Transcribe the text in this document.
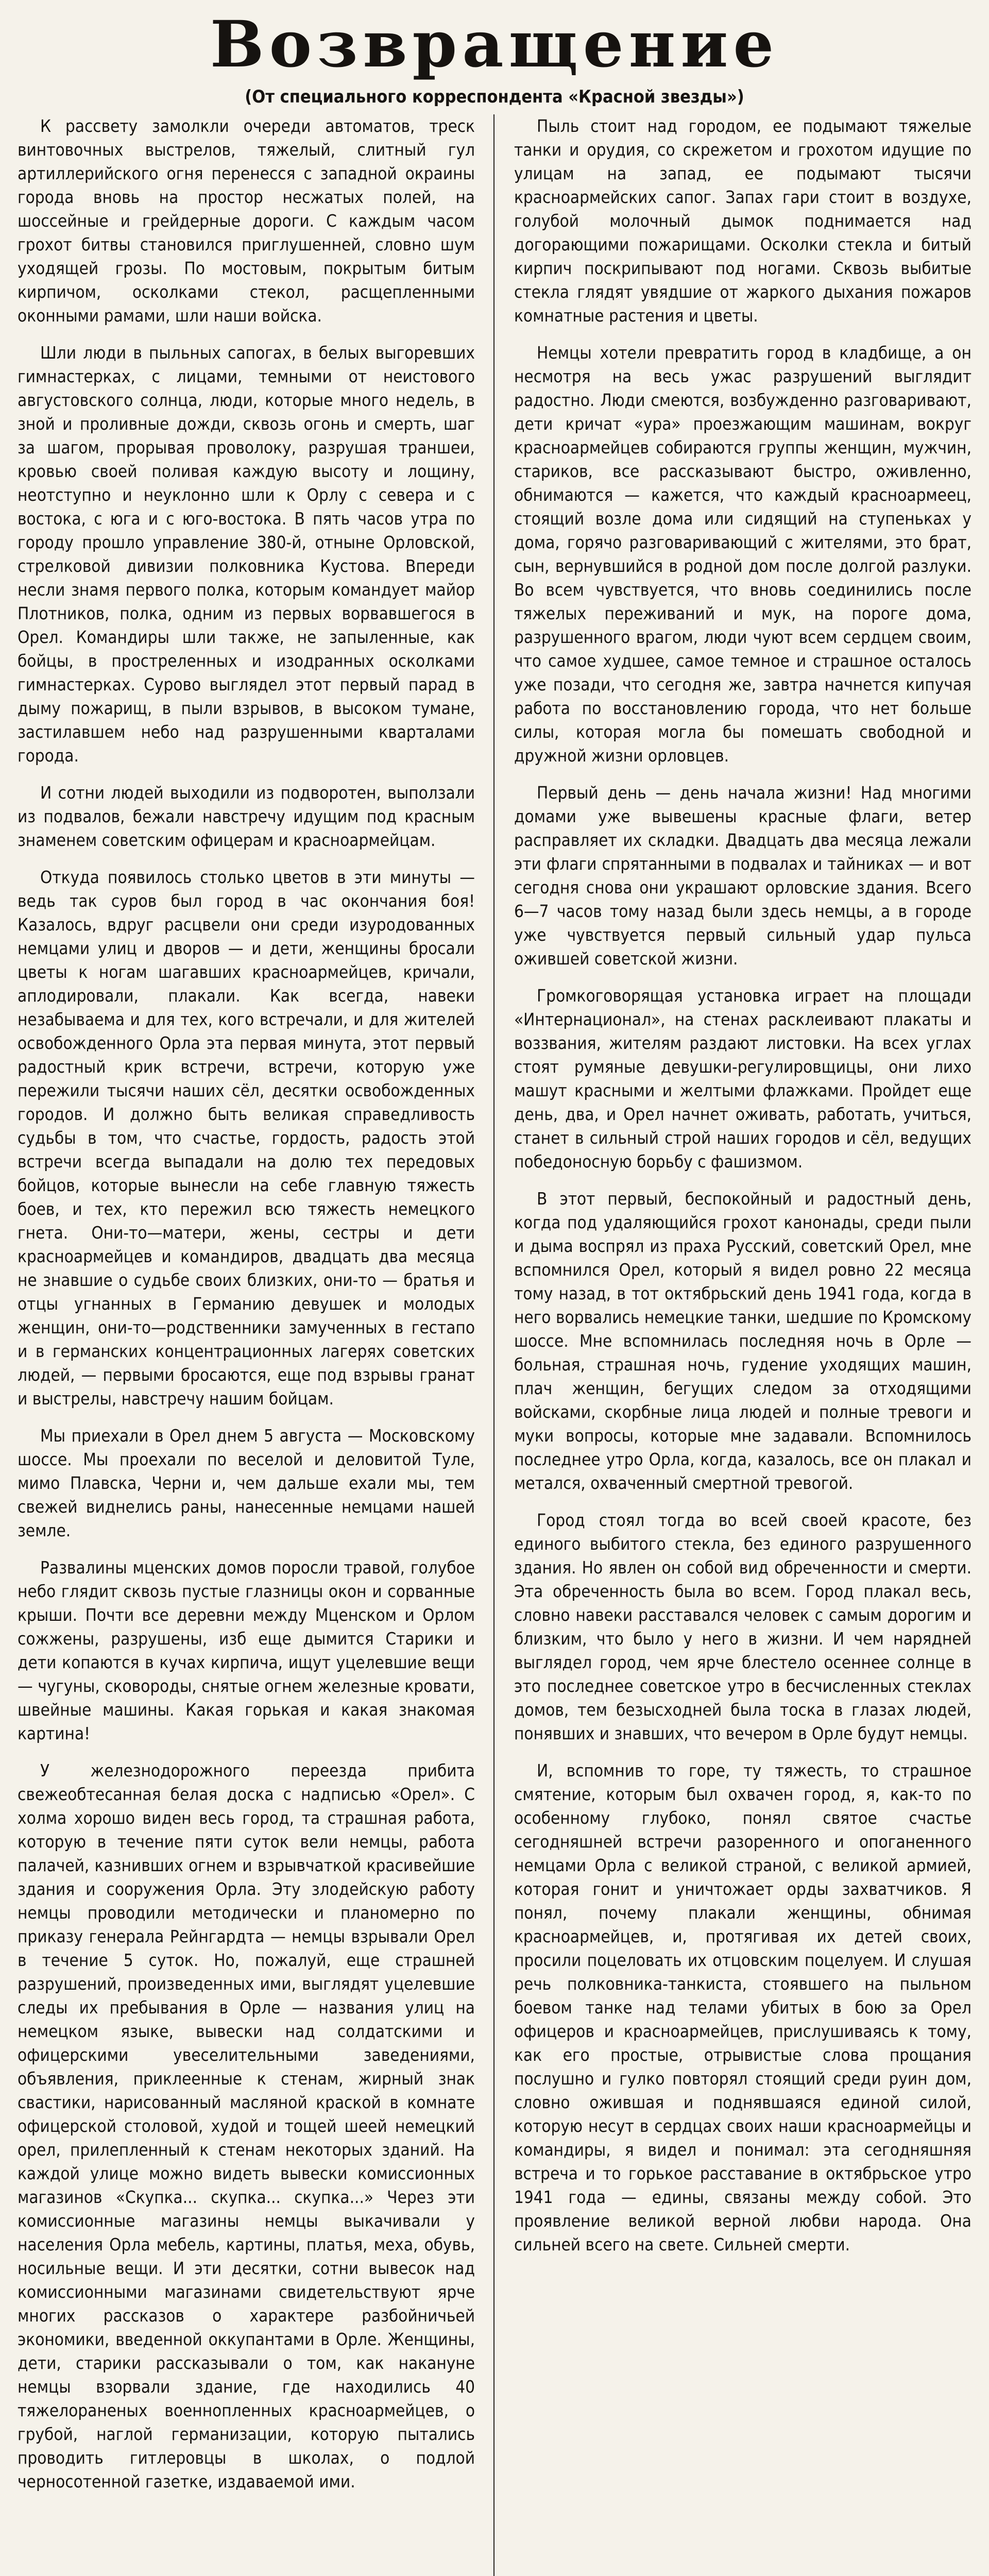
Возвращение
(От специального корреспондента «Красной звезды»)

К рассвету замолкли очереди автоматов, треск винтовочных выстрелов, тяжелый, слитный гул артиллерийского огня перенесся с западной окраины города вновь на простор несжатых полей, на шоссейные и грейдерные дороги. С каждым часом грохот битвы становился приглушенней, словно шум уходящей грозы. По мостовым, покрытым битым кирпичом, осколками стекол, расщепленными оконными рамами, шли наши войска.

Шли люди в пыльных сапогах, в белых выгоревших гимнастерках, с лицами, темными от неистового августовского солнца, люди, которые много недель, в зной и проливные дожди, сквозь огонь и смерть, шаг за шагом, прорывая проволоку, разрушая траншеи, кровью своей поливая каждую высоту и лощину, неотступно и неуклонно шли к Орлу с севера и с востока, с юга и с юго-востока. В пять часов утра по городу прошло управление 380-й, отныне Орловской, стрелковой дивизии полковника Кустова. Впереди несли знамя первого полка, которым командует майор Плотников, полка, одним из первых ворвавшегося в Орел. Командиры шли также, не запыленные, как бойцы, в простреленных и изодранных осколками гимнастерках. Сурово выглядел этот первый парад в дыму пожарищ, в пыли взрывов, в высоком тумане, застилавшем небо над разрушенными кварталами города.

И сотни людей выходили из подворотен, выползали из подвалов, бежали навстречу идущим под красным знаменем советским офицерам и красноармейцам.

Откуда появилось столько цветов в эти минуты — ведь так суров был город в час окончания боя! Казалось, вдруг расцвели они среди изуродованных немцами улиц и дворов — и дети, женщины бросали цветы к ногам шагавших красноармейцев, кричали, аплодировали, плакали. Как всегда, навеки незабываема и для тех, кого встречали, и для жителей освобожденного Орла эта первая минута, этот первый радостный крик встречи, встречи, которую уже пережили тысячи наших сёл, десятки освобожденных городов. И должно быть великая справедливость судьбы в том, что счастье, гордость, радость этой встречи всегда выпадали на долю тех передовых бойцов, которые вынесли на себе главную тяжесть боев, и тех, кто пережил всю тяжесть немецкого гнета. Они-то—матери, жены, сестры и дети красноармейцев и командиров, двадцать два месяца не знавшие о судьбе своих близких, они-то — братья и отцы угнанных в Германию девушек и молодых женщин, они-то—родственники замученных в гестапо и в германских концентрационных лагерях советских людей, — первыми бросаются, еще под взрывы гранат и выстрелы, навстречу нашим бойцам.

Мы приехали в Орел днем 5 августа — Московскому шоссе. Мы проехали по веселой и деловитой Туле, мимо Плавска, Черни и, чем дальше ехали мы, тем свежей виднелись раны, нанесенные немцами нашей земле.

Развалины мценских домов поросли травой, голубое небо глядит сквозь пустые глазницы окон и сорванные крыши. Почти все деревни между Мценском и Орлом сожжены, разрушены, изб еще дымится Старики и дети копаются в кучах кирпича, ищут уцелевшие вещи — чугуны, сковороды, снятые огнем железные кровати, швейные машины. Какая горькая и какая знакомая картина!

У железнодорожного переезда прибита свежеобтесанная белая доска с надписью «Орел». С холма хорошо виден весь город, та страшная работа, которую в течение пяти суток вели немцы, работа палачей, казнивших огнем и взрывчаткой красивейшие здания и сооружения Орла. Эту злодейскую работу немцы проводили методически и планомерно по приказу генерала Рейнгардта — немцы взрывали Орел в течение 5 суток. Но, пожалуй, еще страшней разрушений, произведенных ими, выглядят уцелевшие следы их пребывания в Орле — названия улиц на немецком языке, вывески над солдатскими и офицерскими увеселительными заведениями, объявления, приклеенные к стенам, жирный знак свастики, нарисованный масляной краской в комнате офицерской столовой, худой и тощей шеей немецкий орел, прилепленный к стенам некоторых зданий. На каждой улице можно видеть вывески комиссионных магазинов «Скупка... скупка... скупка...» Через эти комиссионные магазины немцы выкачивали у населения Орла мебель, картины, платья, меха, обувь, носильные вещи. И эти десятки, сотни вывесок над комиссионными магазинами свидетельствуют ярче многих рассказов о характере разбойничьей экономики, введенной оккупантами в Орле. Женщины, дети, старики рассказывали о том, как накануне немцы взорвали здание, где находились 40 тяжелораненых военнопленных красноармейцев, о грубой, наглой германизации, которую пытались проводить гитлеровцы в школах, о подлой черносотенной газетке, издаваемой ими.

Пыль стоит над городом, ее подымают тяжелые танки и орудия, со скрежетом и грохотом идущие по улицам на запад, ее подымают тысячи красноармейских сапог. Запах гари стоит в воздухе, голубой молочный дымок поднимается над догорающими пожарищами. Осколки стекла и битый кирпич поскрипывают под ногами. Сквозь выбитые стекла глядят увядшие от жаркого дыхания пожаров комнатные растения и цветы.

Немцы хотели превратить город в кладбище, а он несмотря на весь ужас разрушений выглядит радостно. Люди смеются, возбужденно разговаривают, дети кричат «ура» проезжающим машинам, вокруг красноармейцев собираются группы женщин, мужчин, стариков, все рассказывают быстро, оживленно, обнимаются — кажется, что каждый красноармеец, стоящий возле дома или сидящий на ступеньках у дома, горячо разговаривающий с жителями, это брат, сын, вернувшийся в родной дом после долгой разлуки. Во всем чувствуется, что вновь соединились после тяжелых переживаний и мук, на пороге дома, разрушенного врагом, люди чуют всем сердцем своим, что самое худшее, самое темное и страшное осталось уже позади, что сегодня же, завтра начнется кипучая работа по восстановлению города, что нет больше силы, которая могла бы помешать свободной и дружной жизни орловцев.

Первый день — день начала жизни! Над многими домами уже вывешены красные флаги, ветер расправляет их складки. Двадцать два месяца лежали эти флаги спрятанными в подвалах и тайниках — и вот сегодня снова они украшают орловские здания. Всего 6—7 часов тому назад были здесь немцы, а в городе уже чувствуется первый сильный удар пульса ожившей советской жизни.

Громкоговорящая установка играет на площади «Интернационал», на стенах расклеивают плакаты и воззвания, жителям раздают листовки. На всех углах стоят румяные девушки-регулировщицы, они лихо машут красными и желтыми флажками. Пройдет еще день, два, и Орел начнет оживать, работать, учиться, станет в сильный строй наших городов и сёл, ведущих победоносную борьбу с фашизмом.

В этот первый, беспокойный и радостный день, когда под удаляющийся грохот канонады, среди пыли и дыма воспрял из праха Русский, советский Орел, мне вспомнился Орел, который я видел ровно 22 месяца тому назад, в тот октябрьский день 1941 года, когда в него ворвались немецкие танки, шедшие по Кромскому шоссе. Мне вспомнилась последняя ночь в Орле — больная, страшная ночь, гудение уходящих машин, плач женщин, бегущих следом за отходящими войсками, скорбные лица людей и полные тревоги и муки вопросы, которые мне задавали. Вспомнилось последнее утро Орла, когда, казалось, все он плакал и метался, охваченный смертной тревогой.

Город стоял тогда во всей своей красоте, без единого выбитого стекла, без единого разрушенного здания. Но явлен он собой вид обреченности и смерти. Эта обреченность была во всем. Город плакал весь, словно навеки расставался человек с самым дорогим и близким, что было у него в жизни. И чем нарядней выглядел город, чем ярче блестело осеннее солнце в это последнее советское утро в бесчисленных стеклах домов, тем безысходней была тоска в глазах людей, понявших и знавших, что вечером в Орле будут немцы.

И, вспомнив то горе, ту тяжесть, то страшное смятение, которым был охвачен город, я, как-то по особенному глубоко, понял святое счастье сегодняшней встречи разоренного и опоганенного немцами Орла с великой страной, с великой армией, которая гонит и уничтожает орды захватчиков. Я понял, почему плакали женщины, обнимая красноармейцев, и, протягивая их детей своих, просили поцеловать их отцовским поцелуем. И слушая речь полковника-танкиста, стоявшего на пыльном боевом танке над телами убитых в бою за Орел офицеров и красноармейцев, прислушиваясь к тому, как его простые, отрывистые слова прощания послушно и гулко повторял стоящий среди руин дом, словно ожившая и поднявшаяся единой силой, которую несут в сердцах своих наши красноармейцы и командиры, я видел и понимал: эта сегодняшняя встреча и то горькое расставание в октябрьское утро 1941 года — едины, связаны между собой. Это проявление великой верной любви народа. Она сильней всего на свете. Сильней смерти.
